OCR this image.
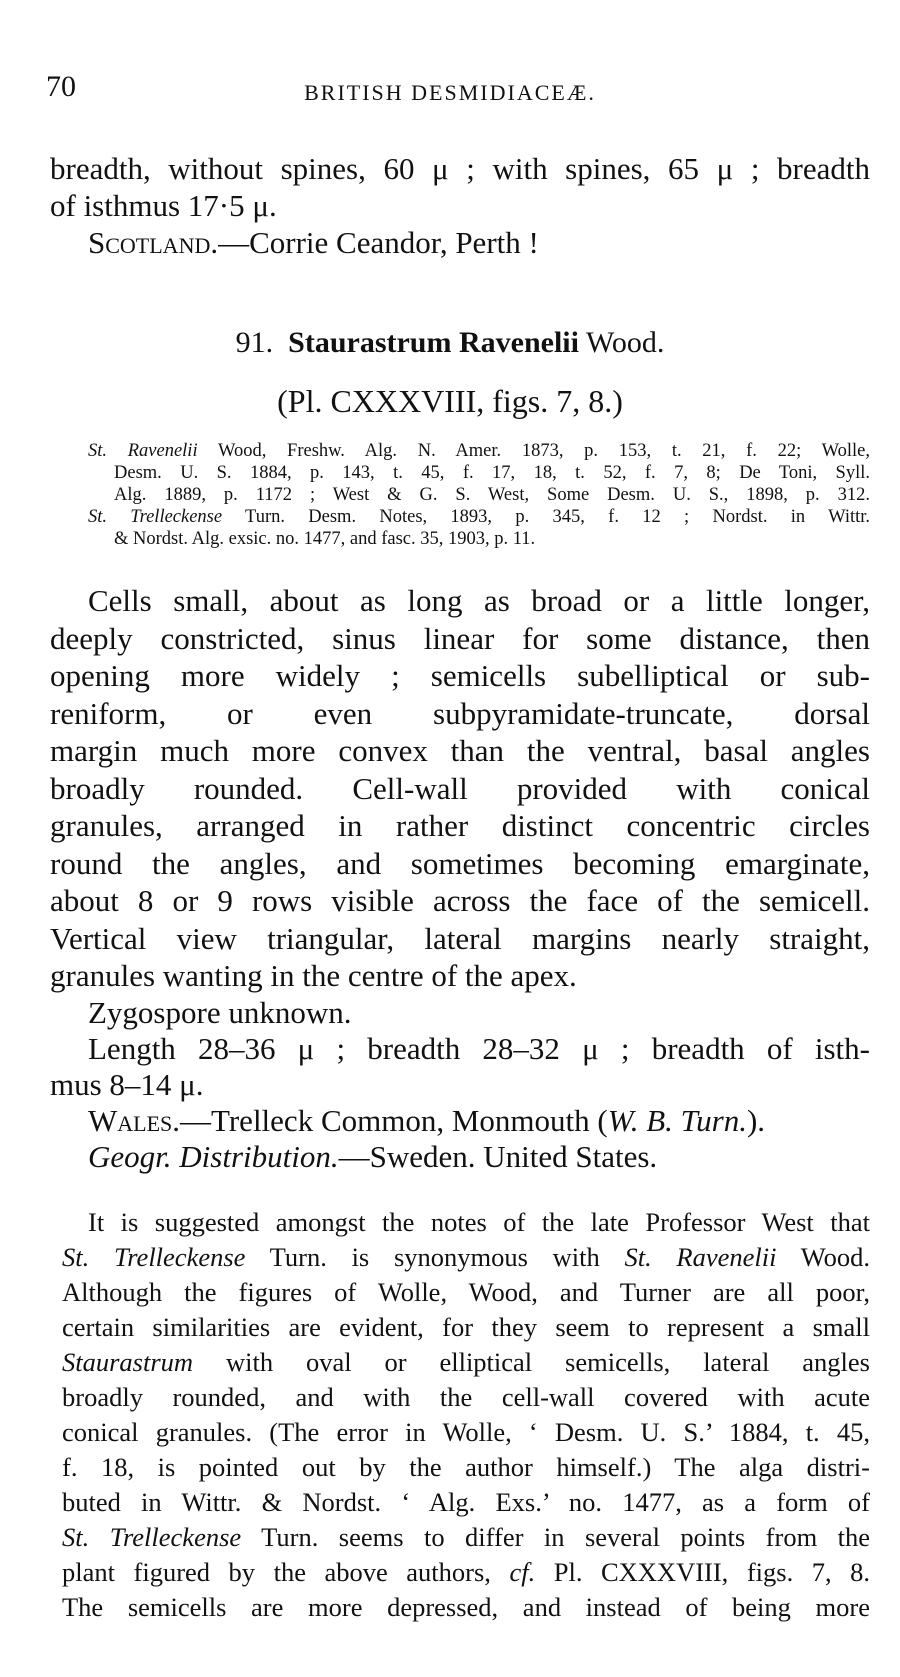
70	BRITISH DESMIDIACEÆ.
breadth, without spines, 60 μ ; with spines, 65 μ ; breadth
of isthmus 17·5 μ.
Scotland.—Corrie Ceandor, Perth !
91. Staurastrum Ravenelii Wood.
(Pl. CXXXVIII, figs. 7, 8.)
St. Ravenelii Wood, Freshw. Alg. N. Amer. 1873, p. 153, t. 21, f. 22; Wolle,
Desm. U. S. 1884, p. 143, t. 45, f. 17, 18, t. 52, f. 7, 8; De Toni, Syll.
Alg. 1889, p. 1172 ; West & G. S. West, Some Desm. U. S., 1898, p. 312.
St. Trelleckense Turn. Desm. Notes, 1893, p. 345, f. 12 ; Nordst. in Wittr.
& Nordst. Alg. exsic. no. 1477, and fasc. 35, 1903, p. 11.
Cells small, about as long as broad or a little longer,
deeply constricted, sinus linear for some distance, then
opening more widely ; semicells subelliptical or sub-
reniform, or even subpyramidate-truncate, dorsal
margin much more convex than the ventral, basal angles
broadly rounded. Cell-wall provided with conical
granules, arranged in rather distinct concentric circles
round the angles, and sometimes becoming emarginate,
about 8 or 9 rows visible across the face of the semicell.
Vertical view triangular, lateral margins nearly straight,
granules wanting in the centre of the apex.
Zygospore unknown.
Length 28–36 μ ; breadth 28–32 μ ; breadth of isth-
mus 8–14 μ.
Wales.—Trelleck Common, Monmouth (W. B. Turn.).
Geogr. Distribution.—Sweden. United States.
It is suggested amongst the notes of the late Professor West that
St. Trelleckense Turn. is synonymous with St. Ravenelii Wood.
Although the figures of Wolle, Wood, and Turner are all poor,
certain similarities are evident, for they seem to represent a small
Staurastrum with oval or elliptical semicells, lateral angles
broadly rounded, and with the cell-wall covered with acute
conical granules. (The error in Wolle, ‘ Desm. U. S.’ 1884, t. 45,
f. 18, is pointed out by the author himself.) The alga distri-
buted in Wittr. & Nordst. ‘ Alg. Exs.’ no. 1477, as a form of
St. Trelleckense Turn. seems to differ in several points from the
plant figured by the above authors, cf. Pl. CXXXVIII, figs. 7, 8.
The semicells are more depressed, and instead of being more
